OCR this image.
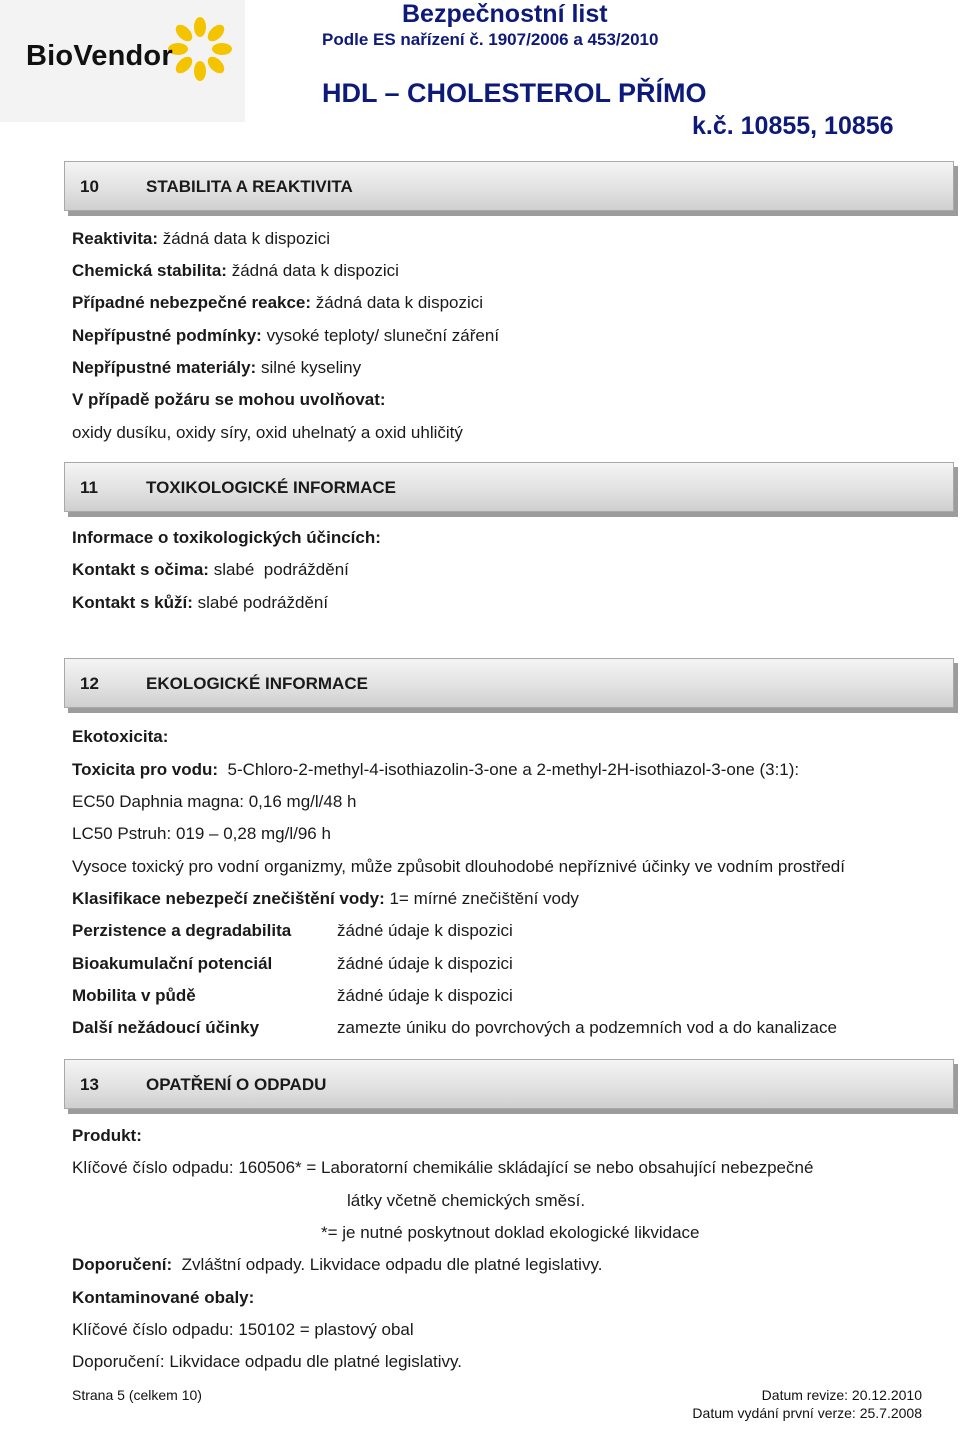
BioVendor
Bezpečnostní list
Podle ES nařízení č. 1907/2006 a 453/2010
HDL – CHOLESTEROL PŘÍMO
k.č. 10855, 10856
10	STABILITA A REAKTIVITA
Reaktivita: žádná data k dispozici
Chemická stabilita: žádná data k dispozici
Případné nebezpečné reakce: žádná data k dispozici
Nepřípustné podmínky: vysoké teploty/ sluneční záření
Nepřípustné materiály: silné kyseliny
V případě požáru se mohou uvolňovat:
oxidy dusíku, oxidy síry, oxid uhelnatý a oxid uhličitý
11	TOXIKOLOGICKÉ INFORMACE
Informace o toxikologických účincích:
Kontakt s očima: slabé  podráždění
Kontakt s kůží: slabé podráždění
12	EKOLOGICKÉ INFORMACE
Ekotoxicita:
Toxicita pro vodu: 5-Chloro-2-methyl-4-isothiazolin-3-one a 2-methyl-2H-isothiazol-3-one (3:1):
EC50 Daphnia magna: 0,16 mg/l/48 h
LC50 Pstruh: 019 – 0,28 mg/l/96 h
Vysoce toxický pro vodní organizmy, může způsobit dlouhodobé nepříznivé účinky ve vodním prostředí
Klasifikace nebezpečí znečištění vody: 1= mírné znečištění vody
Perzistence a degradabilita	žádné údaje k dispozici
Bioakumulační potenciál	žádné údaje k dispozici
Mobilita v půdě	žádné údaje k dispozici
Další nežádoucí účinky	zamezte úniku do povrchových a podzemních vod a do kanalizace
13	OPATŘENÍ O ODPADU
Produkt:
Klíčové číslo odpadu: 160506* = Laboratorní chemikálie skládající se nebo obsahující nebezpečné
látky včetně chemických směsí.
*= je nutné poskytnout doklad ekologické likvidace
Doporučení: Zvláštní odpady. Likvidace odpadu dle platné legislativy.
Kontaminované obaly:
Klíčové číslo odpadu: 150102 = plastový obal
Doporučení: Likvidace odpadu dle platné legislativy.
Strana 5 (celkem 10)	Datum revize: 20.12.2010
Datum vydání první verze: 25.7.2008
